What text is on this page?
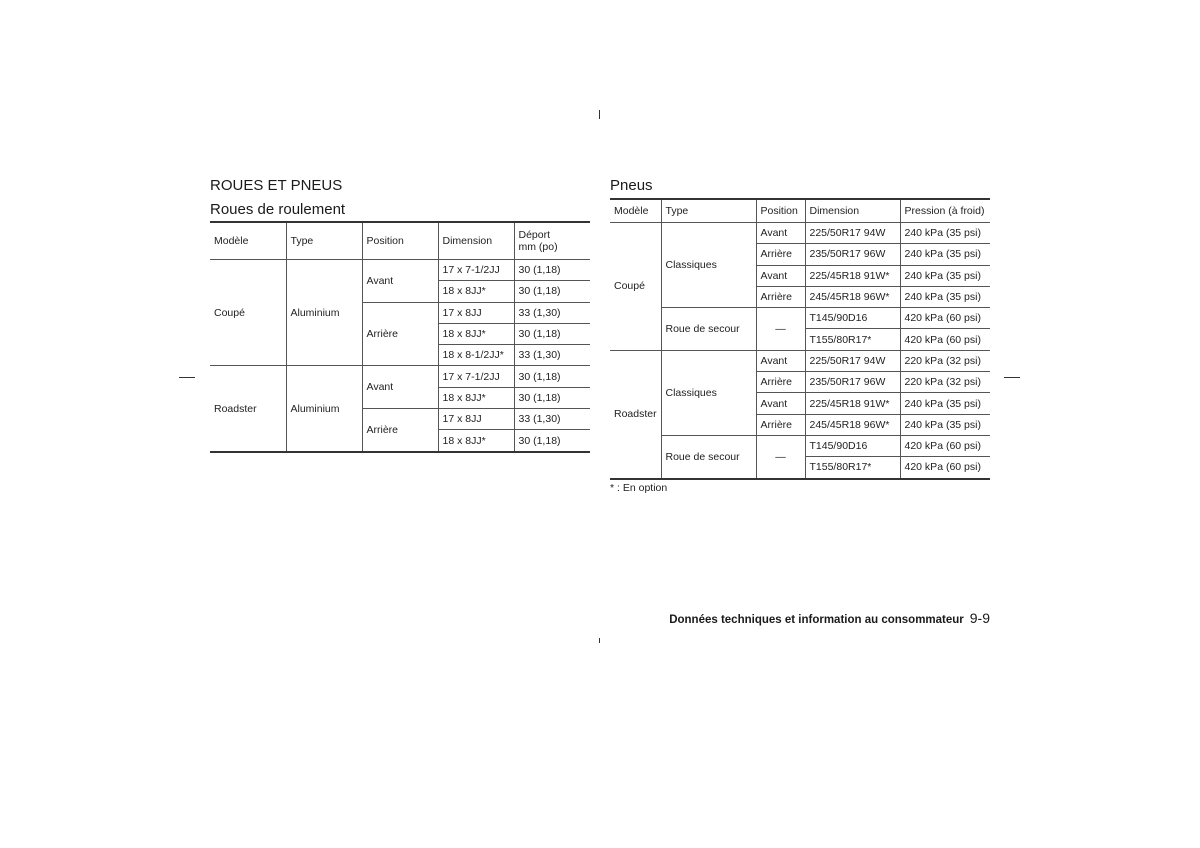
ROUES ET PNEUS
Roues de roulement
Modèle	Type	Position	Dimension	Déport
mm (po)
Coupé	Aluminium	Avant	17 x 7-1/2JJ	30 (1,18)
			18 x 8JJ*	30 (1,18)
		Arrière	17 x 8JJ	33 (1,30)
			18 x 8JJ*	30 (1,18)
			18 x 8-1/2JJ*	33 (1,30)
Roadster	Aluminium	Avant	17 x 7-1/2JJ	30 (1,18)
			18 x 8JJ*	30 (1,18)
		Arrière	17 x 8JJ	33 (1,30)
			18 x 8JJ*	30 (1,18)
Pneus
Modèle	Type	Position	Dimension	Pression (à froid)
Coupé	Classiques	Avant	225/50R17 94W	240 kPa (35 psi)
		Arrière	235/50R17 96W	240 kPa (35 psi)
		Avant	225/45R18 91W*	240 kPa (35 psi)
		Arrière	245/45R18 96W*	240 kPa (35 psi)
	Roue de secour	—	T145/90D16	420 kPa (60 psi)
			T155/80R17*	420 kPa (60 psi)
Roadster	Classiques	Avant	225/50R17 94W	220 kPa (32 psi)
		Arrière	235/50R17 96W	220 kPa (32 psi)
		Avant	225/45R18 91W*	240 kPa (35 psi)
		Arrière	245/45R18 96W*	240 kPa (35 psi)
	Roue de secour	—	T145/90D16	420 kPa (60 psi)
			T155/80R17*	420 kPa (60 psi)
* : En option
Données techniques et information au consommateur 9-9
